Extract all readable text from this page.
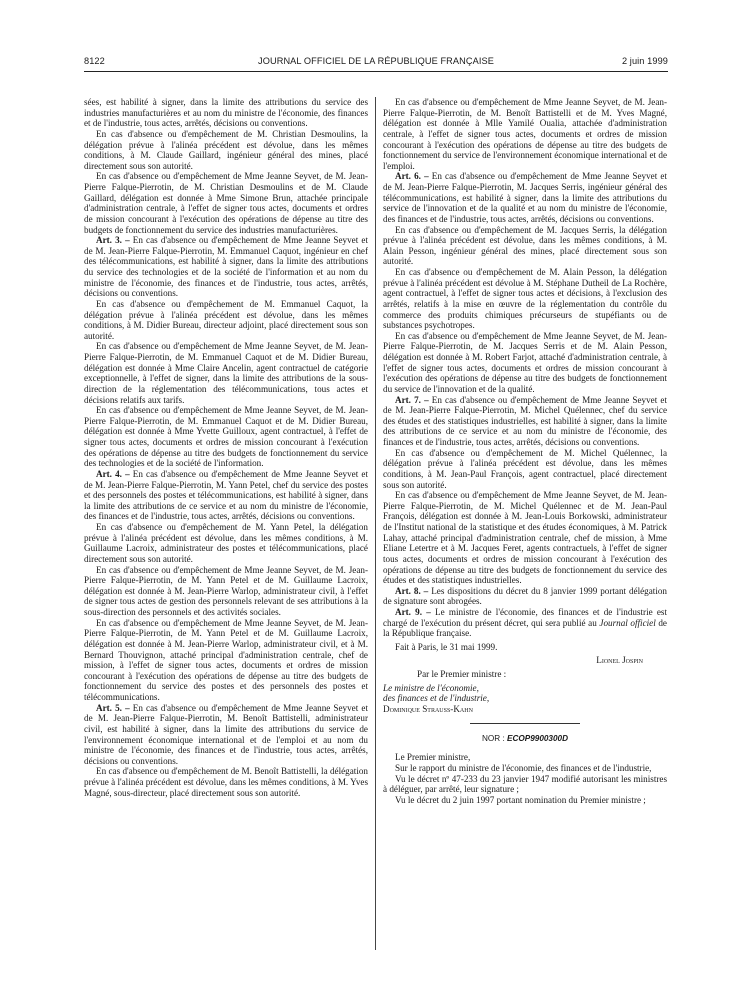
8122	JOURNAL OFFICIEL DE LA RÉPUBLIQUE FRANÇAISE	2 juin 1999

sées, est habilité à signer, dans la limite des attributions du service des industries manufacturières et au nom du ministre de l'économie, des finances et de l'industrie, tous actes, arrêtés, décisions ou conventions.

En cas d'absence ou d'empêchement de M. Christian Desmoulins, la délégation prévue à l'alinéa précédent est dévolue, dans les mêmes conditions, à M. Claude Gaillard, ingénieur général des mines, placé directement sous son autorité.

En cas d'absence ou d'empêchement de Mme Jeanne Seyvet, de M. Jean-Pierre Falque-Pierrotin, de M. Christian Desmoulins et de M. Claude Gaillard, délégation est donnée à Mme Simone Brun, attachée principale d'administration centrale, à l'effet de signer tous actes, documents et ordres de mission concourant à l'exécution des opérations de dépense au titre des budgets de fonctionnement du service des industries manufacturières.

Art. 3. – En cas d'absence ou d'empêchement de Mme Jeanne Seyvet et de M. Jean-Pierre Falque-Pierrotin, M. Emmanuel Caquot, ingénieur en chef des télécommunications, est habilité à signer, dans la limite des attributions du service des technologies et de la société de l'information et au nom du ministre de l'économie, des finances et de l'industrie, tous actes, arrêtés, décisions ou conventions.

En cas d'absence ou d'empêchement de M. Emmanuel Caquot, la délégation prévue à l'alinéa précédent est dévolue, dans les mêmes conditions, à M. Didier Bureau, directeur adjoint, placé directement sous son autorité.

En cas d'absence ou d'empêchement de Mme Jeanne Seyvet, de M. Jean-Pierre Falque-Pierrotin, de M. Emmanuel Caquot et de M. Didier Bureau, délégation est donnée à Mme Claire Ancelin, agent contractuel de catégorie exceptionnelle, à l'effet de signer, dans la limite des attributions de la sous-direction de la réglementation des télécommunications, tous actes et décisions relatifs aux tarifs.

En cas d'absence ou d'empêchement de Mme Jeanne Seyvet, de M. Jean-Pierre Falque-Pierrotin, de M. Emmanuel Caquot et de M. Didier Bureau, délégation est donnée à Mme Yvette Guilloux, agent contractuel, à l'effet de signer tous actes, documents et ordres de mission concourant à l'exécution des opérations de dépense au titre des budgets de fonctionnement du service des technologies et de la société de l'information.

Art. 4. – En cas d'absence ou d'empêchement de Mme Jeanne Seyvet et de M. Jean-Pierre Falque-Pierrotin, M. Yann Petel, chef du service des postes et des personnels des postes et télécommunications, est habilité à signer, dans la limite des attributions de ce service et au nom du ministre de l'économie, des finances et de l'industrie, tous actes, arrêtés, décisions ou conventions.

En cas d'absence ou d'empêchement de M. Yann Petel, la délégation prévue à l'alinéa précédent est dévolue, dans les mêmes conditions, à M. Guillaume Lacroix, administrateur des postes et télécommunications, placé directement sous son autorité.

En cas d'absence ou d'empêchement de Mme Jeanne Seyvet, de M. Jean-Pierre Falque-Pierrotin, de M. Yann Petel et de M. Guillaume Lacroix, délégation est donnée à M. Jean-Pierre Warlop, administrateur civil, à l'effet de signer tous actes de gestion des personnels relevant de ses attributions à la sous-direction des personnels et des activités sociales.

En cas d'absence ou d'empêchement de Mme Jeanne Seyvet, de M. Jean-Pierre Falque-Pierrotin, de M. Yann Petel et de M. Guillaume Lacroix, délégation est donnée à M. Jean-Pierre Warlop, administrateur civil, et à M. Bernard Thouvignon, attaché principal d'administration centrale, chef de mission, à l'effet de signer tous actes, documents et ordres de mission concourant à l'exécution des opérations de dépense au titre des budgets de fonctionnement du service des postes et des personnels des postes et télécommunications.

Art. 5. – En cas d'absence ou d'empêchement de Mme Jeanne Seyvet et de M. Jean-Pierre Falque-Pierrotin, M. Benoît Battistelli, administrateur civil, est habilité à signer, dans la limite des attributions du service de l'environnement économique international et de l'emploi et au nom du ministre de l'économie, des finances et de l'industrie, tous actes, arrêtés, décisions ou conventions.

En cas d'absence ou d'empêchement de M. Benoît Battistelli, la délégation prévue à l'alinéa précédent est dévolue, dans les mêmes conditions, à M. Yves Magné, sous-directeur, placé directement sous son autorité.

En cas d'absence ou d'empêchement de Mme Jeanne Seyvet, de M. Jean-Pierre Falque-Pierrotin, de M. Benoît Battistelli et de M. Yves Magné, délégation est donnée à Mlle Yamilé Oualia, attachée d'administration centrale, à l'effet de signer tous actes, documents et ordres de mission concourant à l'exécution des opérations de dépense au titre des budgets de fonctionnement du service de l'environnement économique international et de l'emploi.

Art. 6. – En cas d'absence ou d'empêchement de Mme Jeanne Seyvet et de M. Jean-Pierre Falque-Pierrotin, M. Jacques Serris, ingénieur général des télécommunications, est habilité à signer, dans la limite des attributions du service de l'innovation et de la qualité et au nom du ministre de l'économie, des finances et de l'industrie, tous actes, arrêtés, décisions ou conventions.

En cas d'absence ou d'empêchement de M. Jacques Serris, la délégation prévue à l'alinéa précédent est dévolue, dans les mêmes conditions, à M. Alain Pesson, ingénieur général des mines, placé directement sous son autorité.

En cas d'absence ou d'empêchement de M. Alain Pesson, la délégation prévue à l'alinéa précédent est dévolue à M. Stéphane Dutheil de La Rochère, agent contractuel, à l'effet de signer tous actes et décisions, à l'exclusion des arrêtés, relatifs à la mise en œuvre de la réglementation du contrôle du commerce des produits chimiques précurseurs de stupéfiants ou de substances psychotropes.

En cas d'absence ou d'empêchement de Mme Jeanne Seyvet, de M. Jean-Pierre Falque-Pierrotin, de M. Jacques Serris et de M. Alain Pesson, délégation est donnée à M. Robert Farjot, attaché d'administration centrale, à l'effet de signer tous actes, documents et ordres de mission concourant à l'exécution des opérations de dépense au titre des budgets de fonctionnement du service de l'innovation et de la qualité.

Art. 7. – En cas d'absence ou d'empêchement de Mme Jeanne Seyvet et de M. Jean-Pierre Falque-Pierrotin, M. Michel Quélennec, chef du service des études et des statistiques industrielles, est habilité à signer, dans la limite des attributions de ce service et au nom du ministre de l'économie, des finances et de l'industrie, tous actes, arrêtés, décisions ou conventions.

En cas d'absence ou d'empêchement de M. Michel Quélennec, la délégation prévue à l'alinéa précédent est dévolue, dans les mêmes conditions, à M. Jean-Paul François, agent contractuel, placé directement sous son autorité.

En cas d'absence ou d'empêchement de Mme Jeanne Seyvet, de M. Jean-Pierre Falque-Pierrotin, de M. Michel Quélennec et de M. Jean-Paul François, délégation est donnée à M. Jean-Louis Borkowski, administrateur de l'Institut national de la statistique et des études économiques, à M. Patrick Lahay, attaché principal d'administration centrale, chef de mission, à Mme Eliane Letertre et à M. Jacques Feret, agents contractuels, à l'effet de signer tous actes, documents et ordres de mission concourant à l'exécution des opérations de dépense au titre des budgets de fonctionnement du service des études et des statistiques industrielles.

Art. 8. – Les dispositions du décret du 8 janvier 1999 portant délégation de signature sont abrogées.

Art. 9. – Le ministre de l'économie, des finances et de l'industrie est chargé de l'exécution du présent décret, qui sera publié au Journal officiel de la République française.

Fait à Paris, le 31 mai 1999.

Lionel Jospin

Par le Premier ministre :

Le ministre de l'économie,

des finances et de l'industrie,

Dominique Strauss-Kahn

NOR : ECOP9900300D

Le Premier ministre,

Sur le rapport du ministre de l'économie, des finances et de l'industrie,

Vu le décret nº 47-233 du 23 janvier 1947 modifié autorisant les ministres à déléguer, par arrêté, leur signature ;

Vu le décret du 2 juin 1997 portant nomination du Premier ministre ;
